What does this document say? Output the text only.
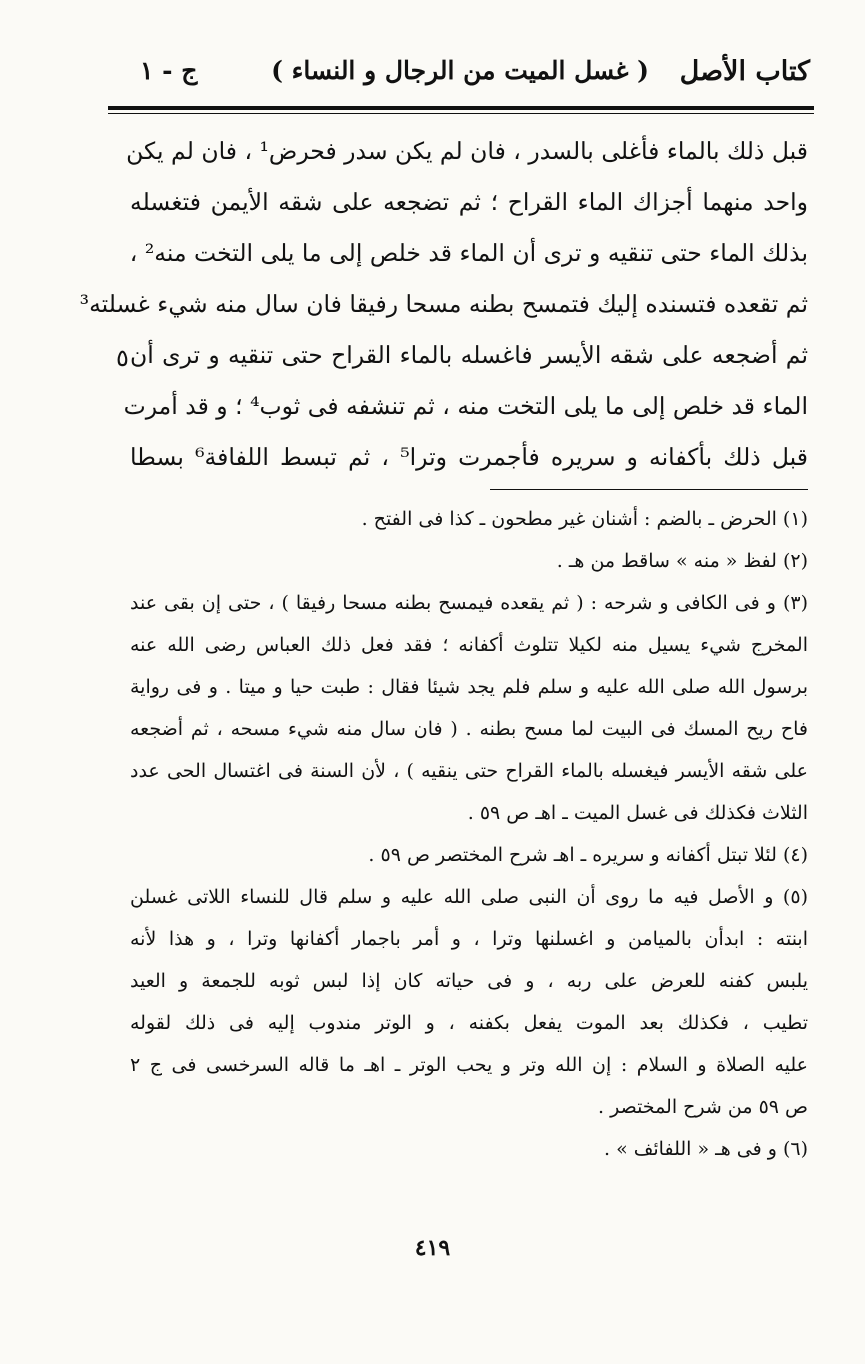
كتاب الأصل
( غسل الميت من الرجال و النساء )
ج - ١
قبل ذلك بالماء فأغلى بالسدر ، فان لم يكن سدر فحرض¹ ، فان لم يكن
واحد منهما أجزاك الماء القراح ؛ ثم تضجعه على شقه الأيمن فتغسله
بذلك الماء حتى تنقيه و ترى أن الماء قد خلص إلى ما يلى التخت منه² ،
ثم تقعده فتسنده إليك فتمسح بطنه مسحا رفيقا فان سال منه شيء غسلته³
ثم أضجعه على شقه الأيسر فاغسله بالماء القراح حتى تنقيه و ترى أن
الماء قد خلص إلى ما يلى التخت منه ، ثم تنشفه فى ثوب⁴ ؛ و قد أمرت
قبل ذلك بأكفانه و سريره فأجمرت وترا⁵ ، ثم تبسط اللفافة⁶ بسطا
٥
(١) الحرض ـ بالضم : أشنان غير مطحون ـ كذا فى الفتح .
(٢) لفظ « منه » ساقط من هـ .
(٣) و فى الكافى و شرحه : ( ثم يقعده فيمسح بطنه مسحا رفيقا ) ، حتى إن بقى عند
المخرج شيء يسيل منه لكيلا تتلوث أكفانه ؛ فقد فعل ذلك العباس رضى الله عنه
برسول الله صلى الله عليه و سلم فلم يجد شيئا فقال : طبت حيا و ميتا . و فى رواية
فاح ريح المسك فى البيت لما مسح بطنه . ( فان سال منه شيء مسحه ، ثم أضجعه
على شقه الأيسر فيغسله بالماء القراح حتى ينقيه ) ، لأن السنة فى اغتسال الحى عدد
الثلاث فكذلك فى غسل الميت ـ اهـ ص ٥٩ .
(٤) لئلا تبتل أكفانه و سريره ـ اهـ شرح المختصر ص ٥٩ .
(٥) و الأصل فيه ما روى أن النبى صلى الله عليه و سلم قال للنساء اللاتى غسلن
ابنته : ابدأن بالميامن و اغسلنها وترا ، و أمر باجمار أكفانها وترا ، و هذا لأنه
يلبس كفنه للعرض على ربه ، و فى حياته كان إذا لبس ثوبه للجمعة و العيد
تطيب ، فكذلك بعد الموت يفعل بكفنه ، و الوتر مندوب إليه فى ذلك لقوله
عليه الصلاة و السلام : إن الله وتر و يحب الوتر ـ اهـ ما قاله السرخسى فى ج ٢
ص ٥٩ من شرح المختصر .
(٦) و فى هـ « اللفائف » .
٤١٩
